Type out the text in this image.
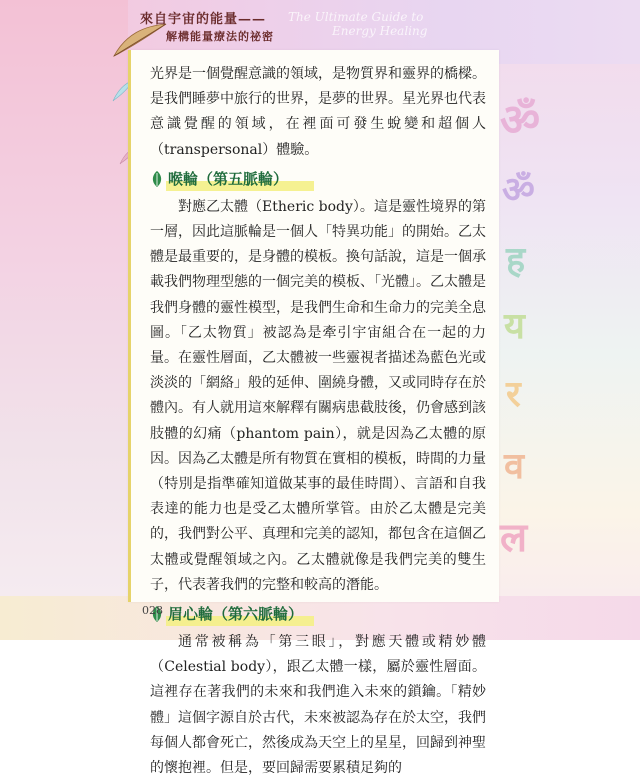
來自宇宙的能量——
解構能量療法的祕密
The Ultimate Guide to
Energy Healing

光界是一個覺醒意識的領域，是物質界和靈界的橋樑。是我們睡夢中旅行的世界，是夢的世界。星光界也代表意識覺醒的領域，在裡面可發生蛻變和超個人（transpersonal）體驗。

喉輪（第五脈輪）

對應乙太體（Etheric body）。這是靈性境界的第一層，因此這脈輪是一個人「特異功能」的開始。乙太體是最重要的，是身體的模板。換句話說，這是一個承載我們物理型態的一個完美的模板、「光體」。乙太體是我們身體的靈性模型，是我們生命和生命力的完美全息圖。「乙太物質」被認為是牽引宇宙組合在一起的力量。在靈性層面，乙太體被一些靈視者描述為藍色光或淡淡的「網絡」般的延伸、圍繞身體，又或同時存在於體內。有人就用這來解釋有關病患截肢後，仍會感到該肢體的幻痛（phantom pain），就是因為乙太體的原因。因為乙太體是所有物質在實相的模板，時間的力量（特別是指準確知道做某事的最佳時間）、言語和自我表達的能力也是受乙太體所掌管。由於乙太體是完美的，我們對公平、真理和完美的認知，都包含在這個乙太體或覺醒領域之內。乙太體就像是我們完美的雙生子，代表著我們的完整和較高的潛能。

眉心輪（第六脈輪）

通常被稱為「第三眼」，對應天體或精妙體（Celestial body），跟乙太體一樣，屬於靈性層面。這裡存在著我們的未來和我們進入未來的鎖鑰。「精妙體」這個字源自於古代，未來被認為存在於太空，我們每個人都會死亡，然後成為天空上的星星，回歸到神聖的懷抱裡。但是，要回歸需要累積足夠的

028
ॐ
ॐ
ह
य
र
व
ल
